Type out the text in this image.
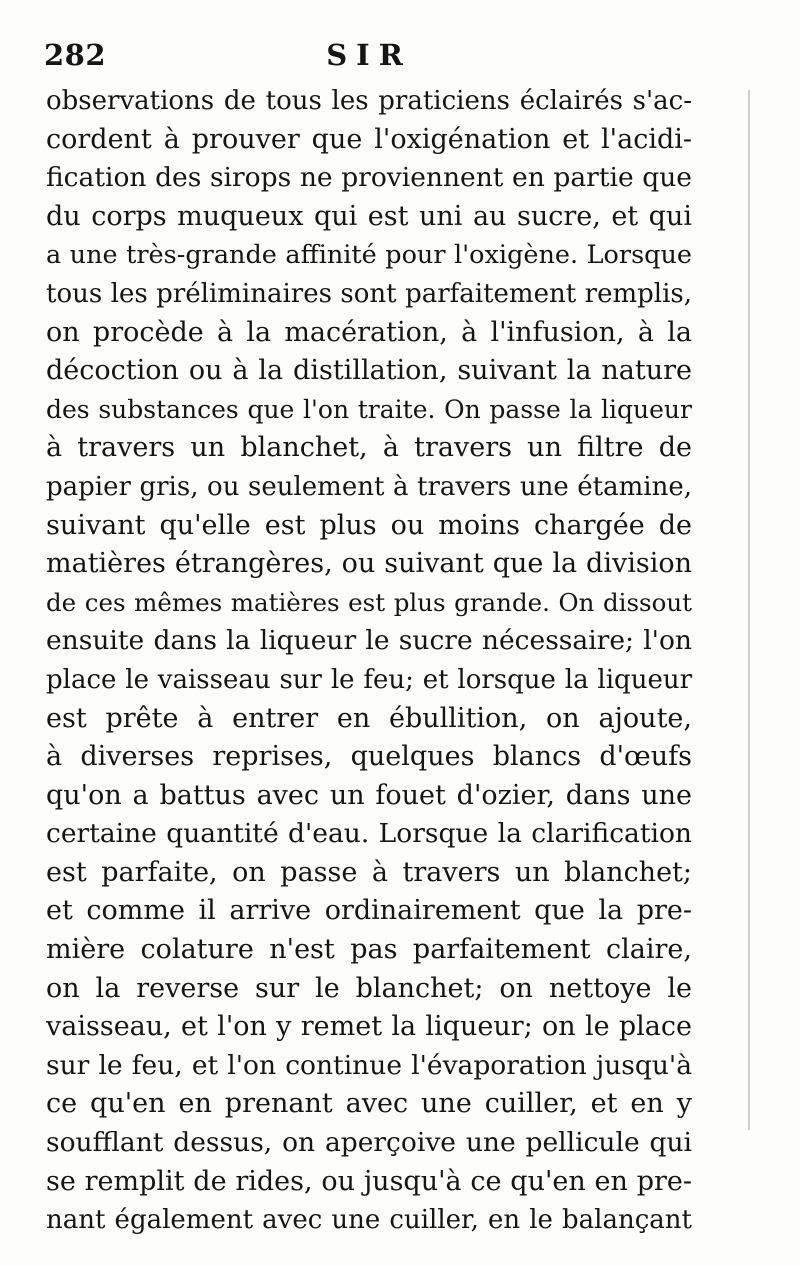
282	SIR
observations de tous les praticiens éclairés s'ac-
cordent à prouver que l'oxigénation et l'acidi-
fication des sirops ne proviennent en partie que
du corps muqueux qui est uni au sucre, et qui
a une très-grande affinité pour l'oxigène. Lorsque
tous les préliminaires sont parfaitement remplis,
on procède à la macération, à l'infusion, à la
décoction ou à la distillation, suivant la nature
des substances que l'on traite. On passe la liqueur
à travers un blanchet, à travers un filtre de
papier gris, ou seulement à travers une étamine,
suivant qu'elle est plus ou moins chargée de
matières étrangères, ou suivant que la division
de ces mêmes matières est plus grande. On dissout
ensuite dans la liqueur le sucre nécessaire; l'on
place le vaisseau sur le feu; et lorsque la liqueur
est prête à entrer en ébullition, on ajoute,
à diverses reprises, quelques blancs d'œufs
qu'on a battus avec un fouet d'ozier, dans une
certaine quantité d'eau. Lorsque la clarification
est parfaite, on passe à travers un blanchet;
et comme il arrive ordinairement que la pre-
mière colature n'est pas parfaitement claire,
on la reverse sur le blanchet; on nettoye le
vaisseau, et l'on y remet la liqueur; on le place
sur le feu, et l'on continue l'évaporation jusqu'à
ce qu'en en prenant avec une cuiller, et en y
soufflant dessus, on aperçoive une pellicule qui
se remplit de rides, ou jusqu'à ce qu'en en pre-
nant également avec une cuiller, en le balançant
